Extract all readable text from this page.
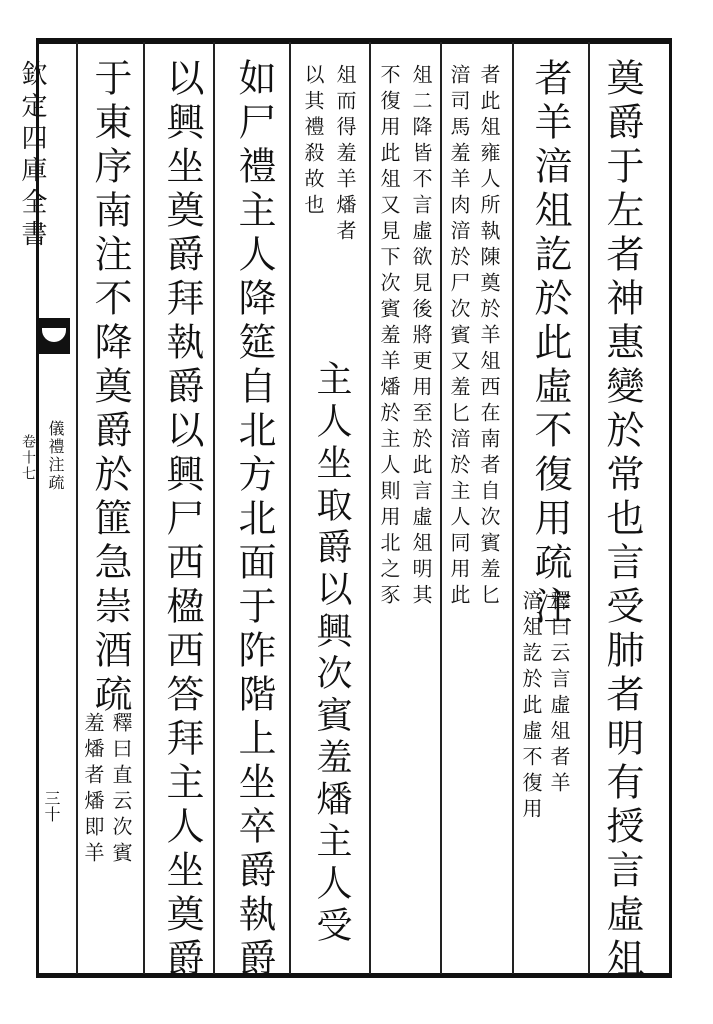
欽定四庫全書
儀禮注疏
卷十七
三十	奠爵于左者神惠變於常也言受肺者明有授言虛俎
者羊湆俎訖於此虛不復用疏注
釋曰云言虛俎者羊
湆俎訖於此虛不復用
者此俎雍人所執陳奠於羊俎西在南者自次賓羞匕
湆司馬羞羊肉湆於尸次賓又羞匕湆於主人同用此
俎二降皆不言虛欲見後將更用至於此言虛俎明其
不復用此俎又見下次賓羞羊燔於主人則用北之豕
俎而得羞羊燔者
以其禮殺故也
主人坐取爵以興次賓羞燔主人受
如尸禮主人降筵自北方北面于阼階上坐卒爵執爵
以興坐奠爵拜執爵以興尸西楹西答拜主人坐奠爵
于東序南注不降奠爵於篚急崇酒疏
釋曰直云次賓
羞燔者燔即羊
